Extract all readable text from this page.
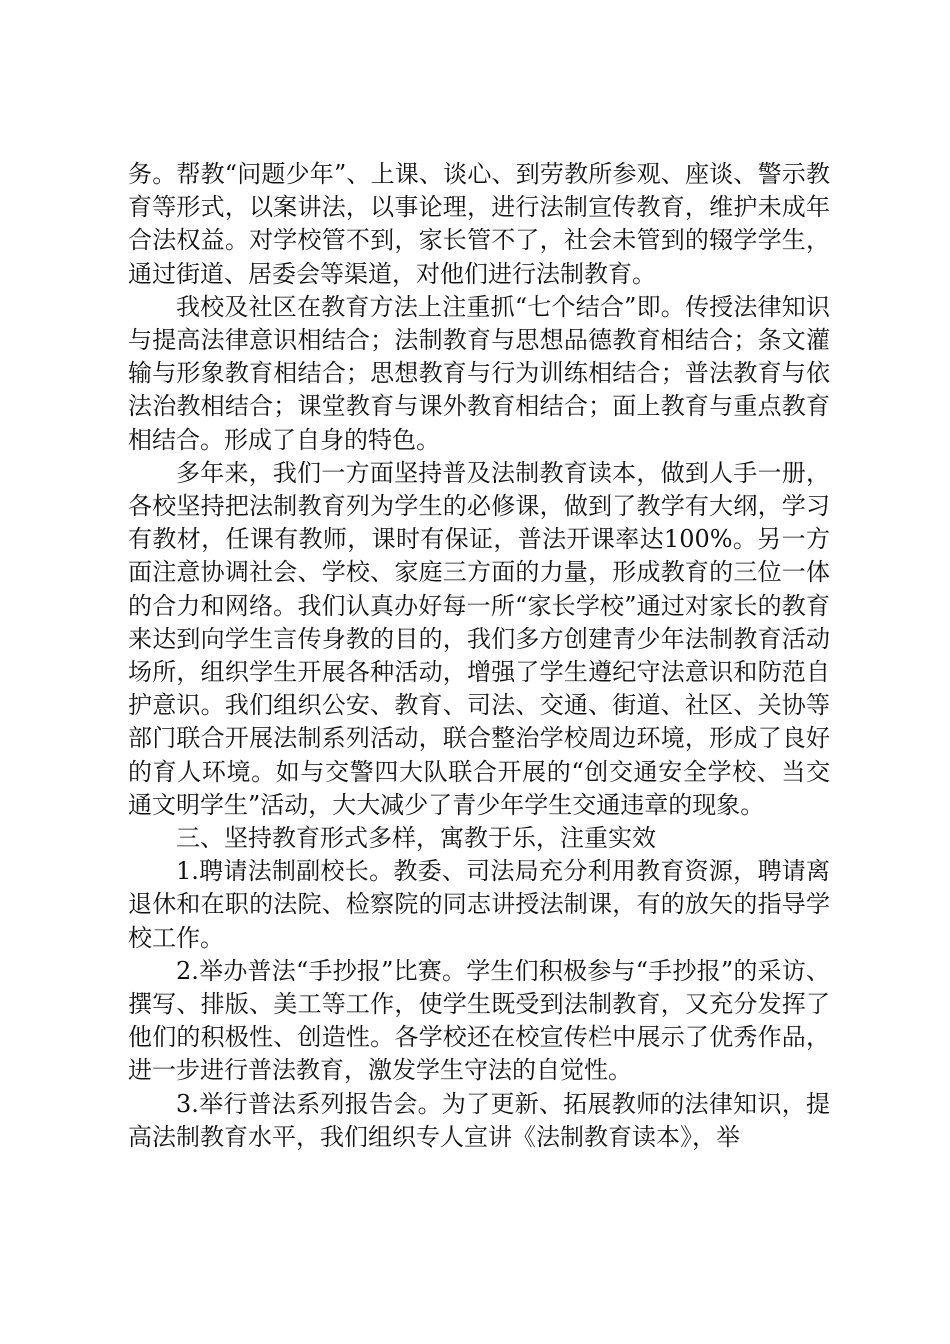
务。帮教“问题少年”、上课、谈心、到劳教所参观、座谈、警示教育等形式，以案讲法，以事论理，进行法制宣传教育，维护未成年合法权益。对学校管不到，家长管不了，社会未管到的辍学学生，通过街道、居委会等渠道，对他们进行法制教育。

我校及社区在教育方法上注重抓“七个结合”即。传授法律知识与提高法律意识相结合；法制教育与思想品德教育相结合；条文灌输与形象教育相结合；思想教育与行为训练相结合；普法教育与依法治教相结合；课堂教育与课外教育相结合；面上教育与重点教育相结合。形成了自身的特色。

多年来，我们一方面坚持普及法制教育读本，做到人手一册，各校坚持把法制教育列为学生的必修课，做到了教学有大纲，学习有教材，任课有教师，课时有保证，普法开课率达100%。另一方面注意协调社会、学校、家庭三方面的力量，形成教育的三位一体的合力和网络。我们认真办好每一所“家长学校”通过对家长的教育来达到向学生言传身教的目的，我们多方创建青少年法制教育活动场所，组织学生开展各种活动，增强了学生遵纪守法意识和防范自护意识。我们组织公安、教育、司法、交通、街道、社区、关协等部门联合开展法制系列活动，联合整治学校周边环境，形成了良好的育人环境。如与交警四大队联合开展的“创交通安全学校、当交通文明学生”活动，大大减少了青少年学生交通违章的现象。

三、坚持教育形式多样，寓教于乐，注重实效

1.聘请法制副校长。教委、司法局充分利用教育资源，聘请离退休和在职的法院、检察院的同志讲授法制课，有的放矢的指导学校工作。

2.举办普法“手抄报”比赛。学生们积极参与“手抄报”的采访、撰写、排版、美工等工作，使学生既受到法制教育，又充分发挥了他们的积极性、创造性。各学校还在校宣传栏中展示了优秀作品，进一步进行普法教育，激发学生守法的自觉性。

3.举行普法系列报告会。为了更新、拓展教师的法律知识，提高法制教育水平，我们组织专人宣讲《法制教育读本》，举
